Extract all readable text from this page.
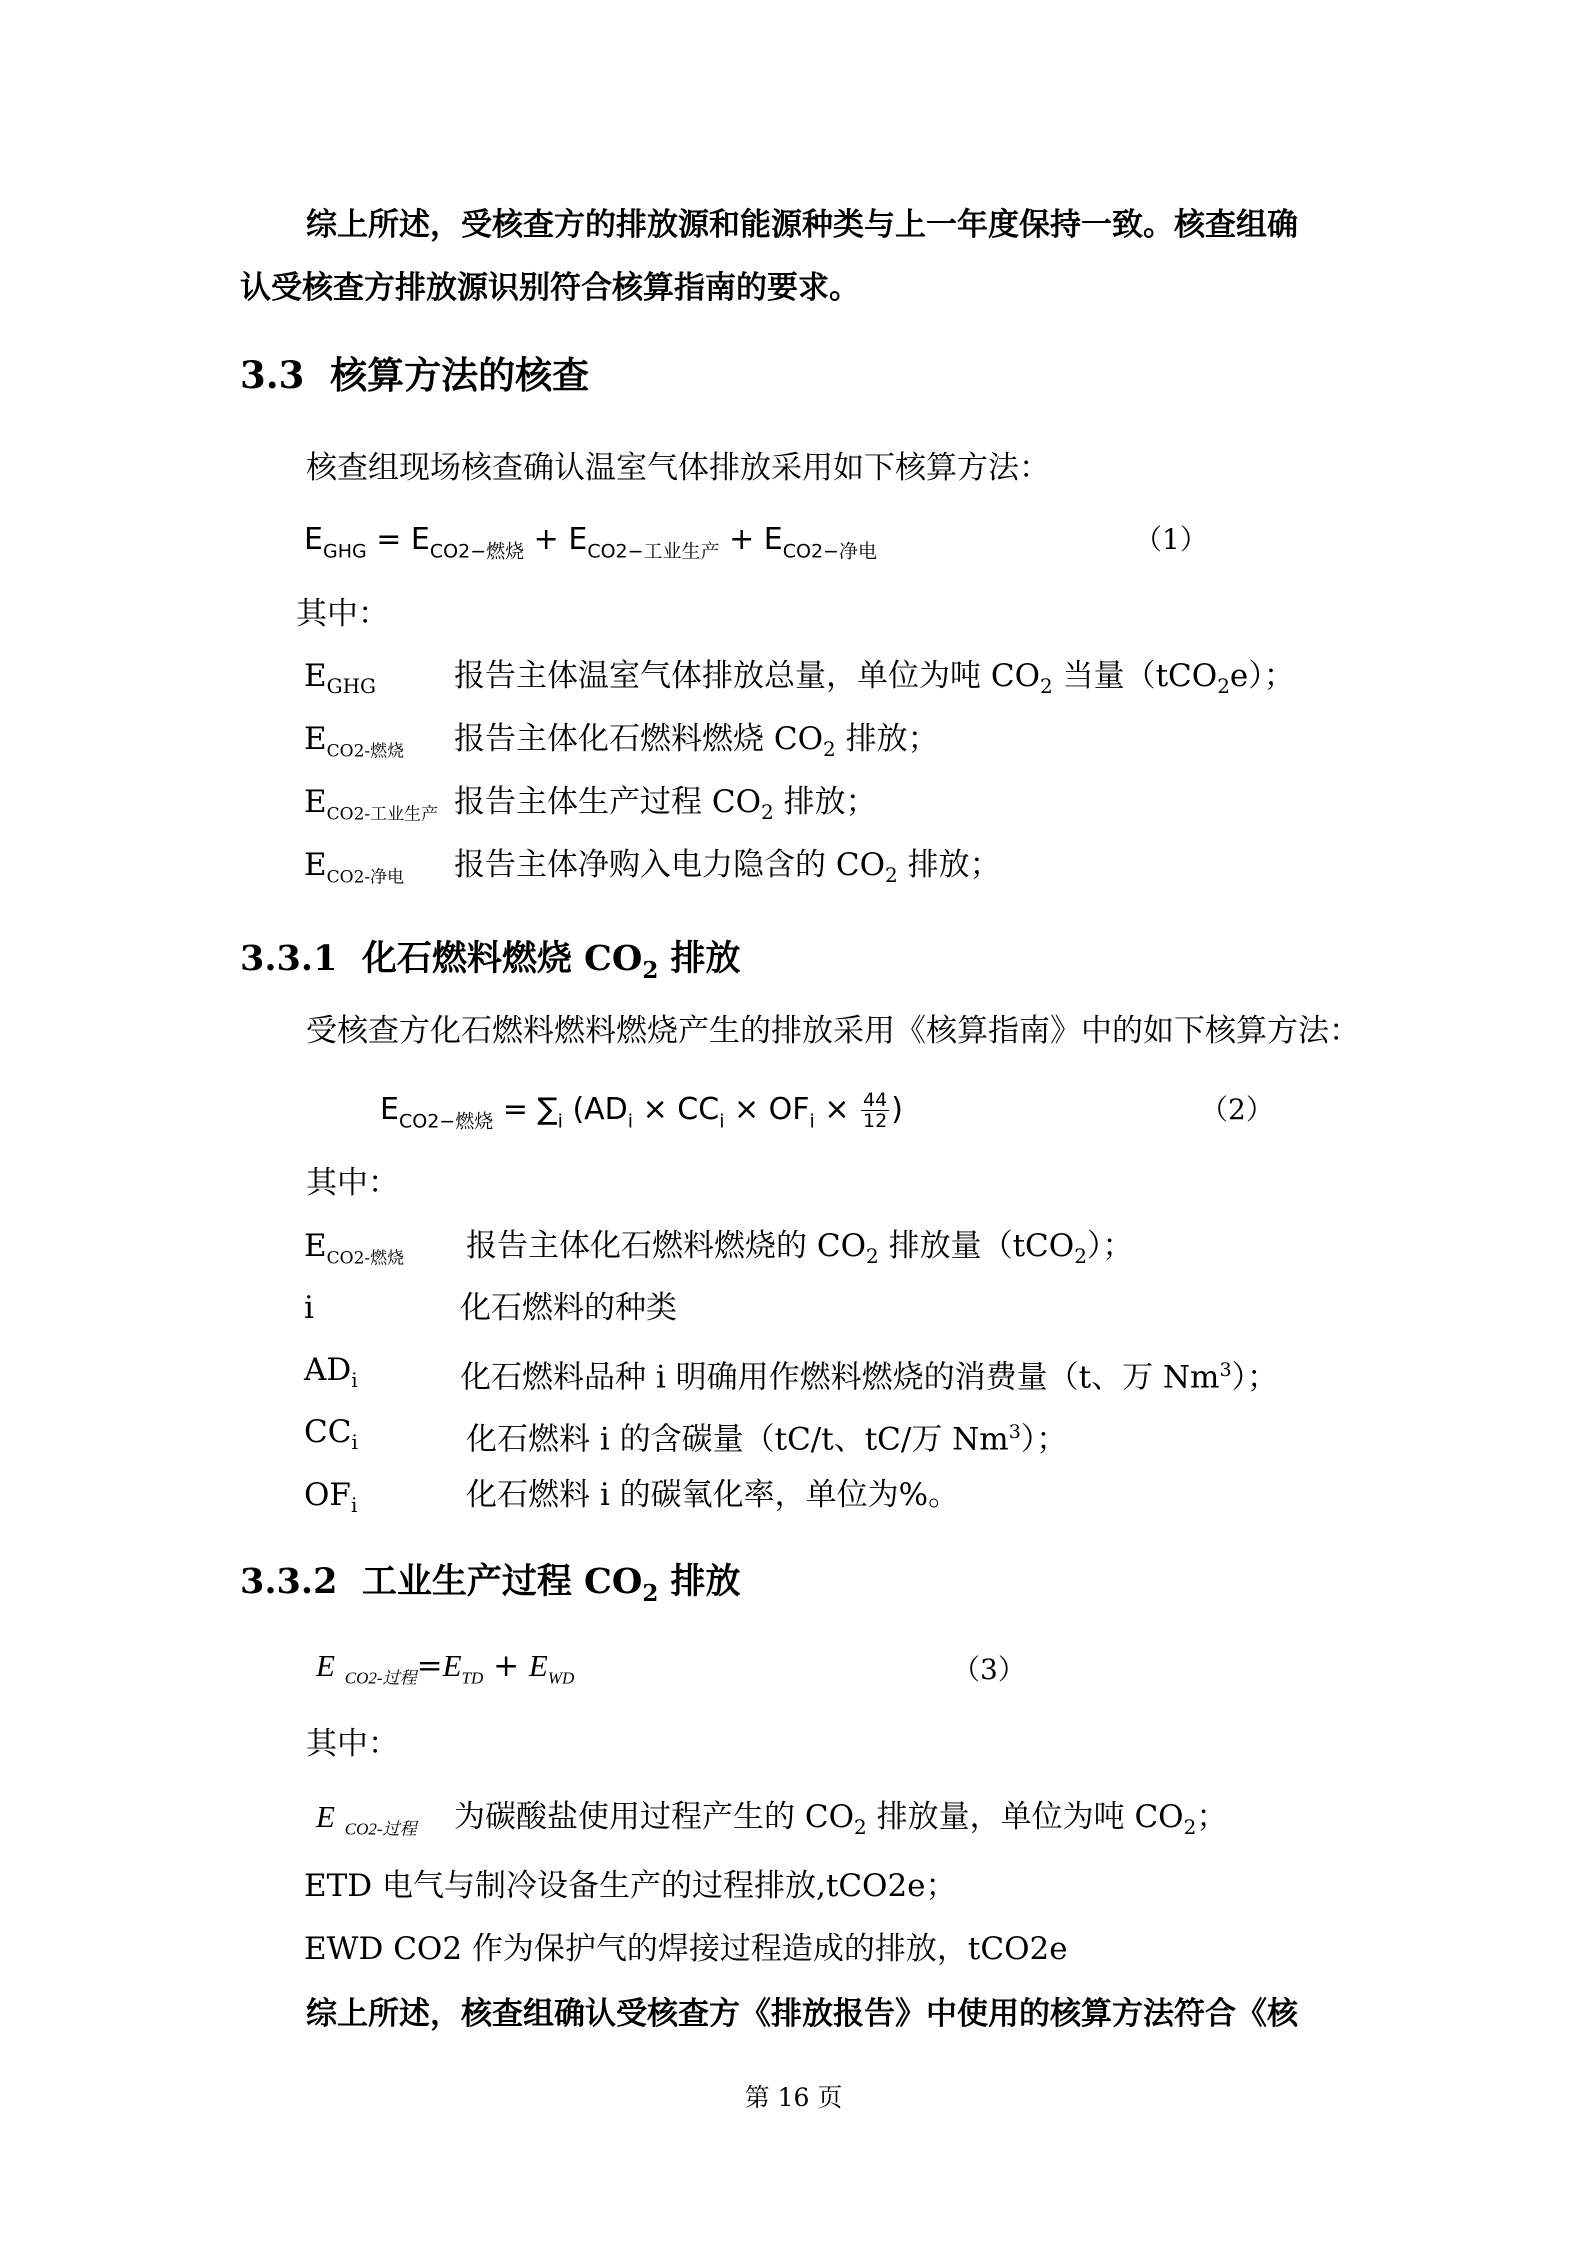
综上所述，受核查方的排放源和能源种类与上一年度保持一致。核查组确
认受核查方排放源识别符合核算指南的要求。
3.3 核算方法的核查
核查组现场核查确认温室气体排放采用如下核算方法：
$E_{GHG} = E_{CO2-燃烧} + E_{CO2-工业生产} + E_{CO2-净电}$	（1）
其中：
$E_{GHG}$	报告主体温室气体排放总量，单位为吨 $CO_2$ 当量（tCO$_2$e）；
$E_{CO2-燃烧}$ 报告主体化石燃料燃烧 $CO_2$ 排放；
$E_{CO2-工业生产}$ 报告主体生产过程 $CO_2$ 排放；
$E_{CO2-净电}$ 报告主体净购入电力隐含的 $CO_2$ 排放；
3.3.1 化石燃料燃烧 $CO_2$ 排放
受核查方化石燃料燃料燃烧产生的排放采用《核算指南》中的如下核算方法：
$E_{CO2-燃烧} = \sum_i$ ($AD_i \times CC_i \times OF_i \times \frac{44}{12}$ )	（2）
其中：
$E_{CO2-燃烧}$ 报告主体化石燃料燃烧的 $CO_2$ 排放量（tCO$_2$）；
i	化石燃料的种类
$AD_i$	化石燃料品种 i 明确用作燃料燃烧的消费量（t、万 Nm$^3$）；
$CC_i$	化石燃料 i 的含碳量（tC/t、tC/万 Nm$^3$）；
$OF_i$	化石燃料 i 的碳氧化率，单位为%。
3.3.2 工业生产过程 $CO_2$ 排放
E $_{CO2-过程}=E_{TD} + E_{WD}$	（3）
其中：
E $_{CO2-过程}$ 为碳酸盐使用过程产生的 $CO_2$ 排放量，单位为吨 $CO_2$；
ETD 电气与制冷设备生产的过程排放,tCO2e；
EWD CO2 作为保护气的焊接过程造成的排放，tCO2e
综上所述，核查组确认受核查方《排放报告》中使用的核算方法符合《核
第 16 页
